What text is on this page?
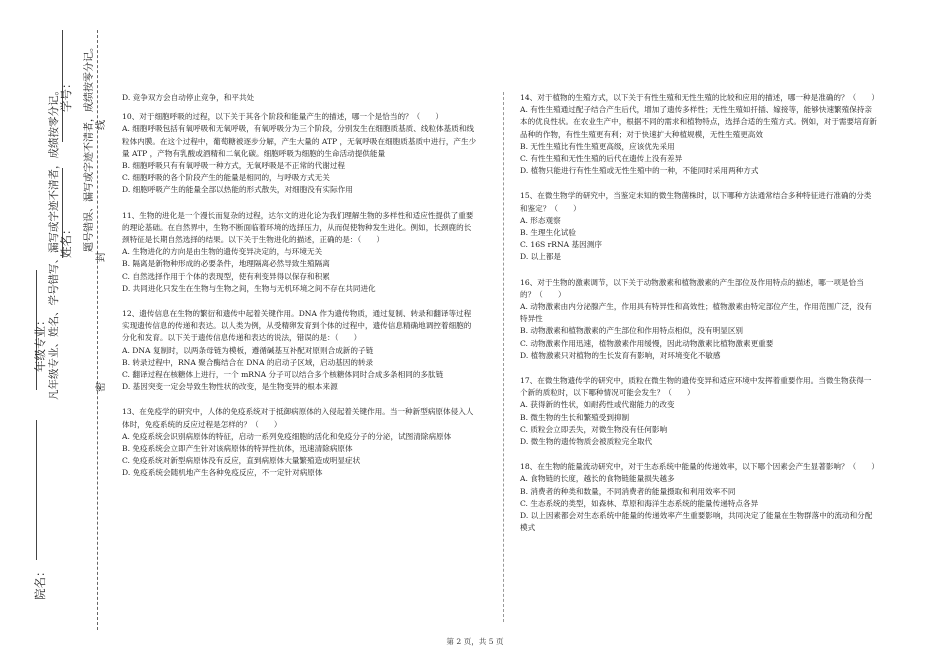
学号：
姓名：	题号错误、漏写或字迹不清者，成绩按零分记。 线
封
年级专业： 凡年级专业、姓名、学号错写、漏写或字迹不清者，成绩按零分记。	密
院名：

D. 竞争双方会自动停止竞争，和平共处

10、对于细胞呼吸的过程，以下关于其各个阶段和能量产生的描述，哪一个是恰当的？（　　）

A. 细胞呼吸包括有氧呼吸和无氧呼吸，有氧呼吸分为三个阶段，分别发生在细胞质基质、线粒体基质和线粒体内膜。在这个过程中，葡萄糖被逐步分解，产生大量的 ATP ，无氧呼吸在细胞质基质中进行，产生少量 ATP ，产物有乳酸或酒精和二氧化碳。细胞呼吸为细胞的生命活动提供能量

B. 细胞呼吸只有有氧呼吸一种方式，无氧呼吸是不正常的代谢过程

C. 细胞呼吸的各个阶段产生的能量是相同的，与呼吸方式无关

D. 细胞呼吸产生的能量全部以热能的形式散失，对细胞没有实际作用

11、生物的进化是一个漫长而复杂的过程，达尔文的进化论为我们理解生物的多样性和适应性提供了重要的理论基础。在自然界中，生物不断面临着环境的选择压力，从而促使物种发生进化。例如，长颈鹿的长颈特征是长期自然选择的结果。以下关于生物进化的描述，正确的是：（　　）

A. 生物进化的方向是由生物的遗传变异决定的，与环境无关

B. 隔离是新物种形成的必要条件，地理隔离必然导致生殖隔离

C. 自然选择作用于个体的表现型，使有利变异得以保存和积累

D. 共同进化只发生在生物与生物之间，生物与无机环境之间不存在共同进化

12、遗传信息在生物的繁衍和遗传中起着关键作用。DNA 作为遗传物质，通过复制、转录和翻译等过程实现遗传信息的传递和表达。以人类为例，从受精卵发育到个体的过程中，遗传信息精确地调控着细胞的分化和发育。以下关于遗传信息传递和表达的说法，错误的是：（　　）

A. DNA 复制时，以两条母链为模板，遵循碱基互补配对原则合成新的子链

B. 转录过程中，RNA 聚合酶结合在 DNA 的启动子区域，启动基因的转录

C. 翻译过程在核糖体上进行，一个 mRNA 分子可以结合多个核糖体同时合成多条相同的多肽链

D. 基因突变一定会导致生物性状的改变，是生物变异的根本来源

13、在免疫学的研究中，人体的免疫系统对于抵御病原体的入侵起着关键作用。当一种新型病原体侵入人体时，免疫系统的反应过程是怎样的？（　　）

A. 免疫系统会识别病原体的特征，启动一系列免疫细胞的活化和免疫分子的分泌，试图清除病原体

B. 免疫系统会立即产生针对该病原体的特异性抗体，迅速清除病原体

C. 免疫系统对新型病原体没有反应，直到病原体大量繁殖造成明显症状

D. 免疫系统会随机地产生各种免疫反应，不一定针对病原体

14、对于植物的生殖方式，以下关于有性生殖和无性生殖的比较和应用的描述，哪一种是准确的？（　　）

A. 有性生殖通过配子结合产生后代，增加了遗传多样性；无性生殖如扦插、嫁接等，能够快速繁殖保持亲本的优良性状。在农业生产中，根据不同的需求和植物特点，选择合适的生殖方式。例如，对于需要培育新品种的作物，有性生殖更有利；对于快速扩大种植规模，无性生殖更高效

B. 无性生殖比有性生殖更高级，应该优先采用

C. 有性生殖和无性生殖的后代在遗传上没有差异

D. 植物只能进行有性生殖或无性生殖中的一种，不能同时采用两种方式

15、在微生物学的研究中，当鉴定未知的微生物菌株时，以下哪种方法通常结合多种特征进行准确的分类和鉴定？（　　）

A. 形态观察

B. 生理生化试验

C. 16S rRNA 基因测序

D. 以上都是

16、对于生物的激素调节，以下关于动物激素和植物激素的产生部位及作用特点的描述，哪一项是恰当的？（　　）

A. 动物激素由内分泌腺产生，作用具有特异性和高效性；植物激素由特定部位产生，作用范围广泛，没有特异性

B. 动物激素和植物激素的产生部位和作用特点相似，没有明显区别

C. 动物激素作用迅速，植物激素作用缓慢，因此动物激素比植物激素更重要

D. 植物激素只对植物的生长发育有影响，对环境变化不敏感

17、在微生物遗传学的研究中，质粒在微生物的遗传变异和适应环境中发挥着重要作用。当微生物获得一个新的质粒时，以下哪种情况可能会发生？（　　）

A. 获得新的性状，如耐药性或代谢能力的改变

B. 微生物的生长和繁殖受到抑制

C. 质粒会立即丢失，对微生物没有任何影响

D. 微生物的遗传物质会被质粒完全取代

18、在生物的能量流动研究中，对于生态系统中能量的传递效率，以下哪个因素会产生显著影响？（　　）

A. 食物链的长度，越长的食物链能量损失越多

B. 消费者的种类和数量，不同消费者的能量摄取和利用效率不同

C. 生态系统的类型，如森林、草原和海洋生态系统的能量传递特点各异

D. 以上因素都会对生态系统中能量的传递效率产生重要影响，共同决定了能量在生物群落中的流动和分配模式

第 2 页，共 5 页
